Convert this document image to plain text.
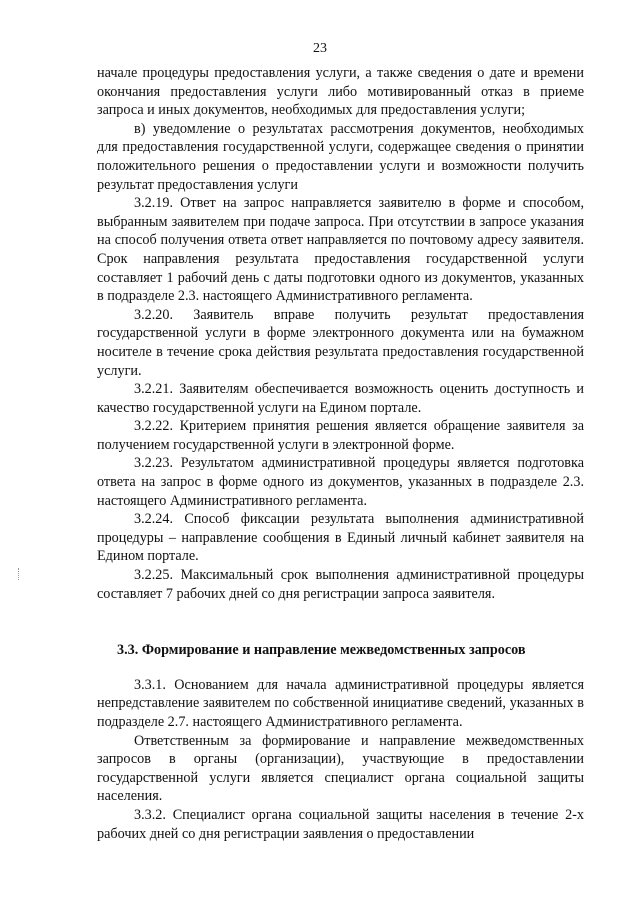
23

начале процедуры предоставления услуги, а также сведения о дате и времени окончания предоставления услуги либо мотивированный отказ в приеме запроса и иных документов, необходимых для предоставления услуги;

в) уведомление о результатах рассмотрения документов, необходимых для предоставления государственной услуги, содержащее сведения о принятии положительного решения о предоставлении услуги и возможности получить результат предоставления услуги

3.2.19. Ответ на запрос направляется заявителю в форме и способом, выбранным заявителем при подаче запроса. При отсутствии в запросе указания на способ получения ответа ответ направляется по почтовому адресу заявителя. Срок направления результата предоставления государственной услуги составляет 1 рабочий день с даты подготовки одного из документов, указанных в подразделе 2.3. настоящего Административного регламента.

3.2.20. Заявитель вправе получить результат предоставления государственной услуги в форме электронного документа или на бумажном носителе в течение срока действия результата предоставления государственной услуги.

3.2.21. Заявителям обеспечивается возможность оценить доступность и качество государственной услуги на Едином портале.

3.2.22. Критерием принятия решения является обращение заявителя за получением государственной услуги в электронной форме.

3.2.23. Результатом административной процедуры является подготовка ответа на запрос в форме одного из документов, указанных в подразделе 2.3. настоящего Административного регламента.

3.2.24. Способ фиксации результата выполнения административной процедуры – направление сообщения в Единый личный кабинет заявителя на Едином портале.

3.2.25. Максимальный срок выполнения административной процедуры составляет 7 рабочих дней со дня регистрации запроса заявителя.

3.3. Формирование и направление межведомственных запросов

3.3.1. Основанием для начала административной процедуры является непредставление заявителем по собственной инициативе сведений, указанных в подразделе 2.7. настоящего Административного регламента.

Ответственным за формирование и направление межведомственных запросов в органы (организации), участвующие в предоставлении государственной услуги является специалист органа социальной защиты населения.

3.3.2. Специалист органа социальной защиты населения в течение 2-х рабочих дней со дня регистрации заявления о предоставлении
